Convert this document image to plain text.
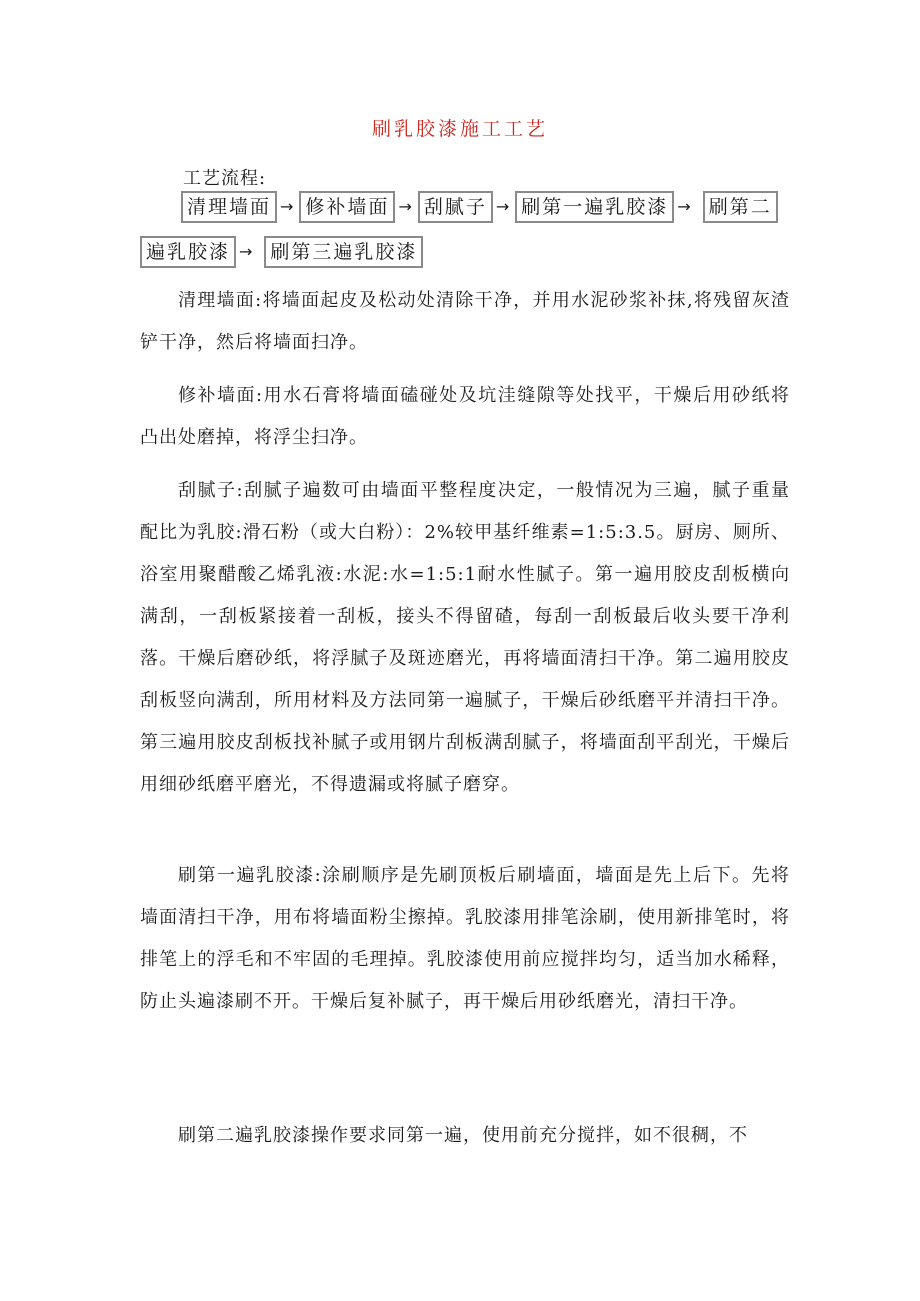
刷乳胶漆施工工艺
工艺流程:
清理墙面 → 修补墙面 → 刮腻子 → 刷第一遍乳胶漆 → 刷第二
遍乳胶漆 → 刷第三遍乳胶漆

清理墙面:将墙面起皮及松动处清除干净，并用水泥砂浆补抹,将残留灰渣铲干净，然后将墙面扫净。

修补墙面:用水石膏将墙面磕碰处及坑洼缝隙等处找平，干燥后用砂纸将凸出处磨掉，将浮尘扫净。

刮腻子:刮腻子遍数可由墙面平整程度决定，一般情况为三遍，腻子重量配比为乳胶:滑石粉（或大白粉）：2%较甲基纤维素=1:5:3.5。厨房、厕所、浴室用聚醋酸乙烯乳液:水泥:水=1:5:1耐水性腻子。第一遍用胶皮刮板横向满刮，一刮板紧接着一刮板，接头不得留碴，每刮一刮板最后收头要干净利落。干燥后磨砂纸，将浮腻子及斑迹磨光，再将墙面清扫干净。第二遍用胶皮刮板竖向满刮，所用材料及方法同第一遍腻子，干燥后砂纸磨平并清扫干净。第三遍用胶皮刮板找补腻子或用钢片刮板满刮腻子，将墙面刮平刮光，干燥后用细砂纸磨平磨光，不得遗漏或将腻子磨穿。

刷第一遍乳胶漆:涂刷顺序是先刷顶板后刷墙面，墙面是先上后下。先将墙面清扫干净，用布将墙面粉尘擦掉。乳胶漆用排笔涂刷，使用新排笔时，将排笔上的浮毛和不牢固的毛理掉。乳胶漆使用前应搅拌均匀，适当加水稀释，防止头遍漆刷不开。干燥后复补腻子，再干燥后用砂纸磨光，清扫干净。

刷第二遍乳胶漆操作要求同第一遍，使用前充分搅拌，如不很稠，不
